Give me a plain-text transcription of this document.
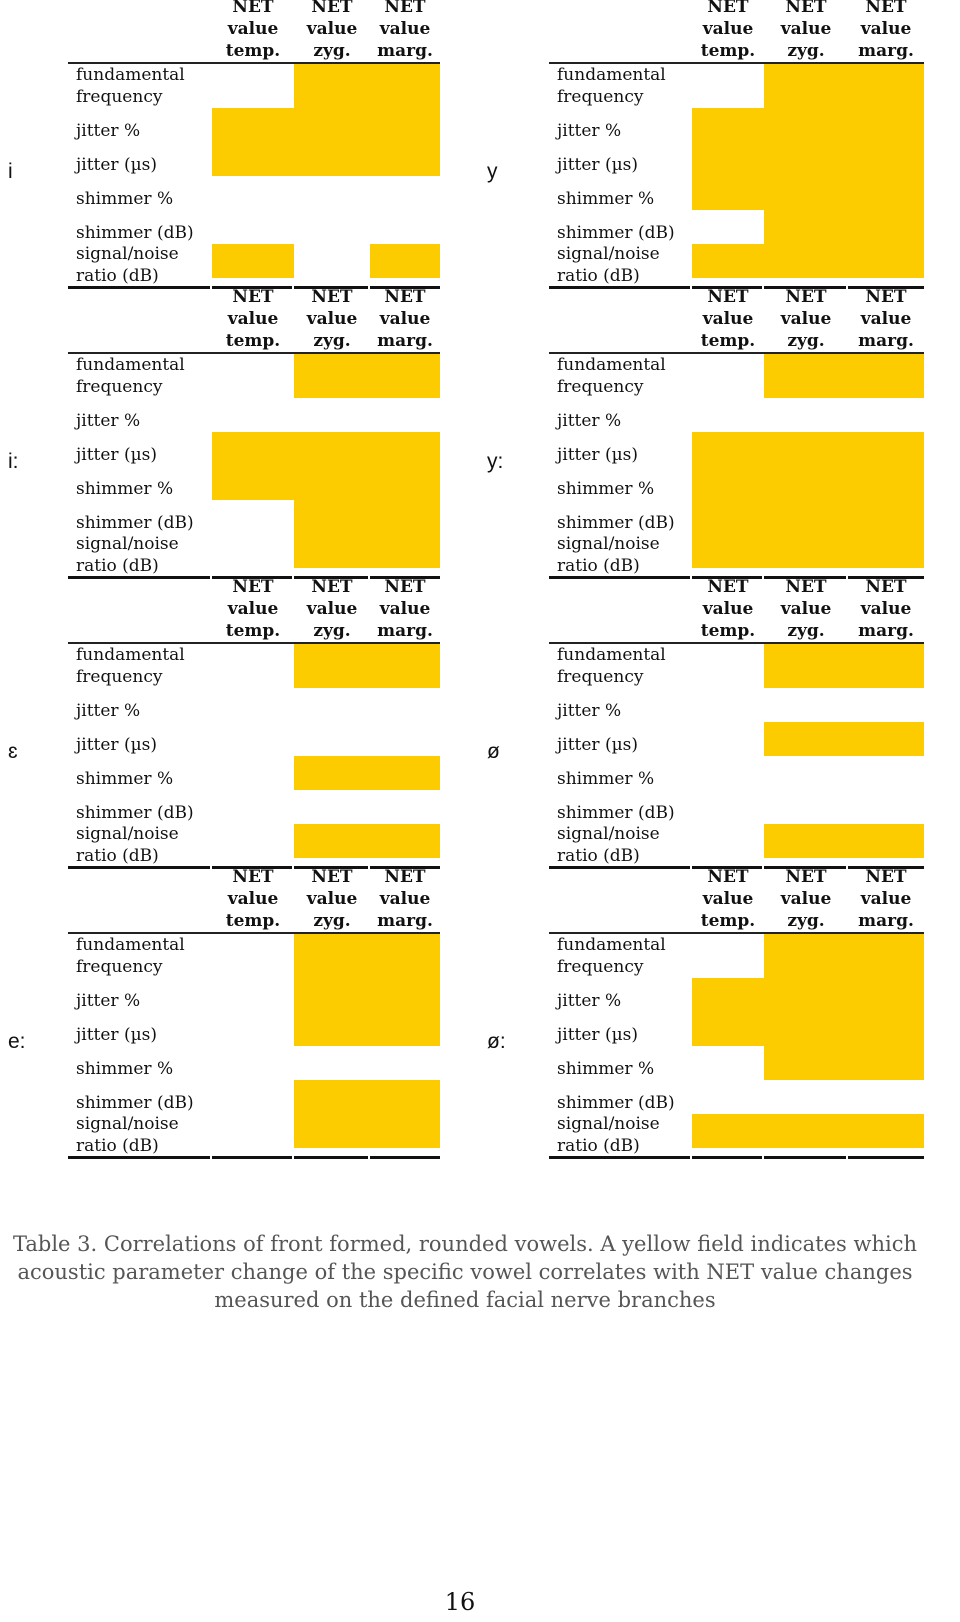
NET
value
temp.
NET
value
zyg.
NET
value
marg.
fundamental
frequency
jitter %
jitter (µs)
shimmer %
shimmer (dB)
signal/noise
ratio (dB)
i
NET
value
temp.
NET
value
zyg.
NET
value
marg.
fundamental
frequency
jitter %
jitter (µs)
shimmer %
shimmer (dB)
signal/noise
ratio (dB)
y
NET
value
temp.
NET
value
zyg.
NET
value
marg.
fundamental
frequency
jitter %
jitter (µs)
shimmer %
shimmer (dB)
signal/noise
ratio (dB)
i:
NET
value
temp.
NET
value
zyg.
NET
value
marg.
fundamental
frequency
jitter %
jitter (µs)
shimmer %
shimmer (dB)
signal/noise
ratio (dB)
y:
NET
value
temp.
NET
value
zyg.
NET
value
marg.
fundamental
frequency
jitter %
jitter (µs)
shimmer %
shimmer (dB)
signal/noise
ratio (dB)
ɛ
NET
value
temp.
NET
value
zyg.
NET
value
marg.
fundamental
frequency
jitter %
jitter (µs)
shimmer %
shimmer (dB)
signal/noise
ratio (dB)
ø
NET
value
temp.
NET
value
zyg.
NET
value
marg.
fundamental
frequency
jitter %
jitter (µs)
shimmer %
shimmer (dB)
signal/noise
ratio (dB)
e:
NET
value
temp.
NET
value
zyg.
NET
value
marg.
fundamental
frequency
jitter %
jitter (µs)
shimmer %
shimmer (dB)
signal/noise
ratio (dB)
ø:
Table 3. Correlations of front formed, rounded vowels. A yellow field indicates which acoustic parameter change of the specific vowel correlates with NET value changes measured on the defined facial nerve branches
16
